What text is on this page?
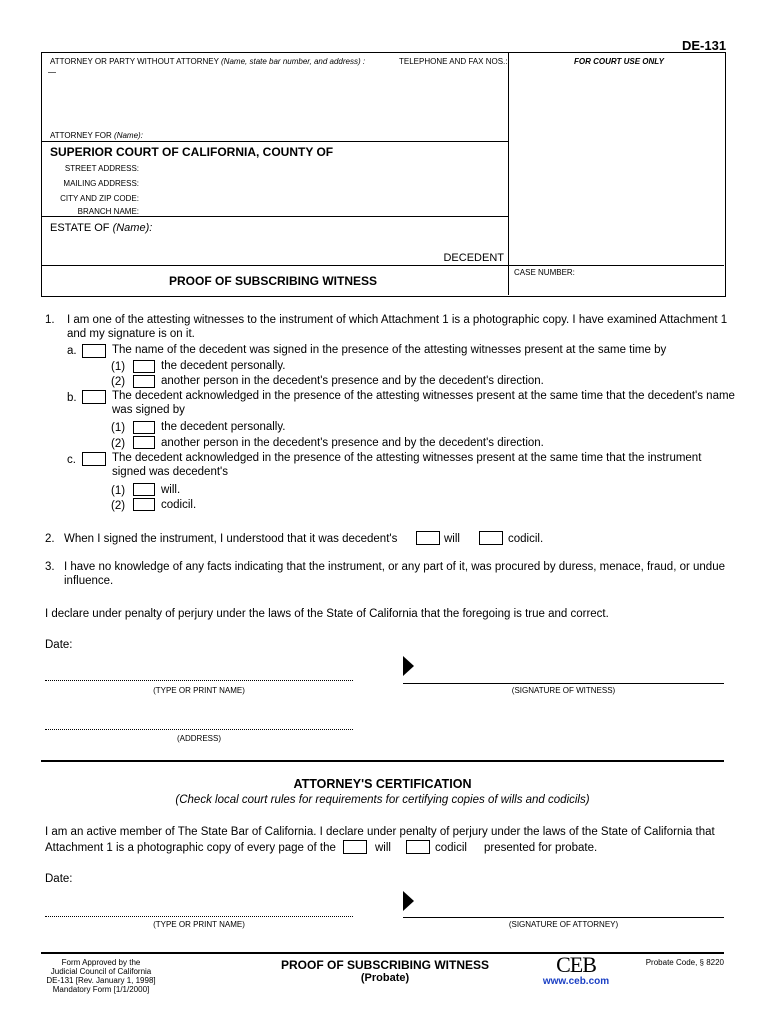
DE-131
ATTORNEY OR PARTY WITHOUT ATTORNEY (Name, state bar number, and address) :	TELEPHONE AND FAX NOS.:	FOR COURT USE ONLY
ATTORNEY FOR (Name):
SUPERIOR COURT OF CALIFORNIA, COUNTY OF
STREET ADDRESS:
MAILING ADDRESS:
CITY AND ZIP CODE:
BRANCH NAME:
ESTATE OF (Name):
DECEDENT
PROOF OF SUBSCRIBING WITNESS
CASE NUMBER:
1. I am one of the attesting witnesses to the instrument of which Attachment 1 is a photographic copy. I have examined Attachment 1
and my signature is on it.
a.	The name of the decedent was signed in the presence of the attesting witnesses present at the same time by
(1)	the decedent personally.
(2)	another person in the decedent's presence and by the decedent's direction.
b.	The decedent acknowledged in the presence of the attesting witnesses present at the same time that the decedent's name
was signed by
(1)	the decedent personally.
(2)	another person in the decedent's presence and by the decedent's direction.
c.	The decedent acknowledged in the presence of the attesting witnesses present at the same time that the instrument
signed was decedent's
(1)	will.
(2)	codicil.
2. When I signed the instrument, I understood that it was decedent's	will	codicil.
3. I have no knowledge of any facts indicating that the instrument, or any part of it, was procured by duress, menace, fraud, or undue
influence.
I declare under penalty of perjury under the laws of the State of California that the foregoing is true and correct.
Date:
(TYPE OR PRINT NAME)	(SIGNATURE OF WITNESS)
(ADDRESS)
ATTORNEY'S CERTIFICATION
(Check local court rules for requirements for certifying copies of wills and codicils)
I am an active member of The State Bar of California. I declare under penalty of perjury under the laws of the State of California that
Attachment 1 is a photographic copy of every page of the	will	codicil presented for probate.
Date:
(TYPE OR PRINT NAME)	(SIGNATURE OF ATTORNEY)
Form Approved by the
Judicial Council of California
DE-131 [Rev. January 1, 1998]
Mandatory Form [1/1/2000]
PROOF OF SUBSCRIBING WITNESS
(Probate)
CEB
www.ceb.com
Probate Code, § 8220
